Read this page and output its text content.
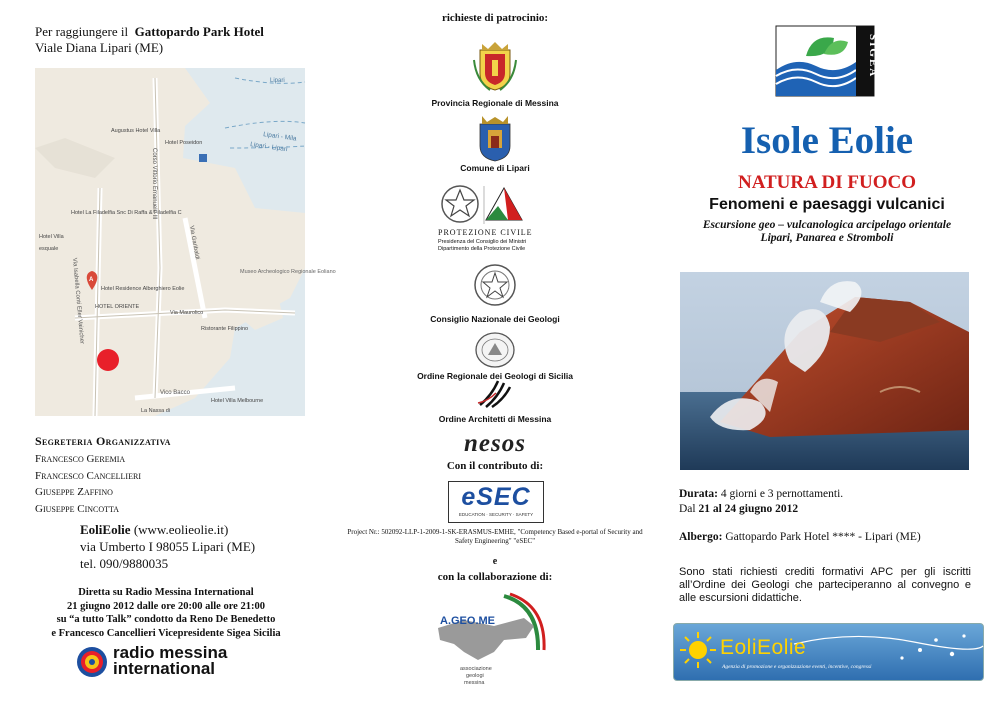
Per raggiungere il Gattopardo Park Hotel
Viale Diana Lipari (ME)
Lipari
Lipari - Mila
Lipari - Lipari
Augustus Hotel Villa
Hotel Poseidon
Corso Vittorio Emanuele III
Hotel La Filadelfia Snc Di Raffa & Filadelfia C
Hotel Villa
esquale
Museo Archeologico Regionale Eoliano
Hotel Residence Alberghiero Eolie
HOTEL ORIENTE
Via Maurolico
Ristorante Filippino
Via Garibaldi
Via Isabella Conti Eller Vainicher
Vico Bacco
Hotel Villa Melbourne
La Nassa di
A
Segreteria Organizzativa
Francesco Geremia
Francesco Cancellieri
Giuseppe Zaffino
Giuseppe Cincotta
EoliEolie (www.eolieolie.it)
via Umberto I 98055 Lipari (ME)
tel. 090/9880035
Diretta su Radio Messina International
21 giugno 2012 dalle ore 20:00 alle ore 21:00
su “a tutto Talk” condotto da Reno De Benedetto
e Francesco Cancellieri Vicepresidente Sigea Sicilia
radio messina
international
richieste di patrocinio:
Provincia Regionale di Messina
Comune di Lipari
PROTEZIONE CIVILE
Presidenza del Consiglio dei Ministri
Dipartimento della Protezione Civile
Consiglio Nazionale dei Geologi
Ordine Regionale dei Geologi di Sicilia
Ordine Architetti di Messina
nesos
Con il contributo di:
eSEC
EDUCATION · SECURITY · SAFETY
Project Nr.: 502092-LLP-1-2009-1-SK-ERASMUS-EMHE, "Competency Based e-portal of Security and Safety Engineering" "eSEC"
e
con la collaborazione di:
A.GEO.ME
associazione
geologi
messina
SIGEA
Isole Eolie
NATURA DI FUOCO
Fenomeni e paesaggi vulcanici
Escursione geo – vulcanologica arcipelago orientale
Lipari, Panarea e Stromboli
Durata: 4 giorni e 3 pernottamenti.
Dal 21 al 24 giugno 2012
Albergo: Gattopardo Park Hotel **** - Lipari (ME)
Sono stati richiesti crediti formativi APC per gli iscritti all’Ordine dei Geologi che parteciperanno al convegno e alle escursioni didattiche.
EoliEolie
Agenzia di promozione e organizzazione eventi, incentive, congressi
